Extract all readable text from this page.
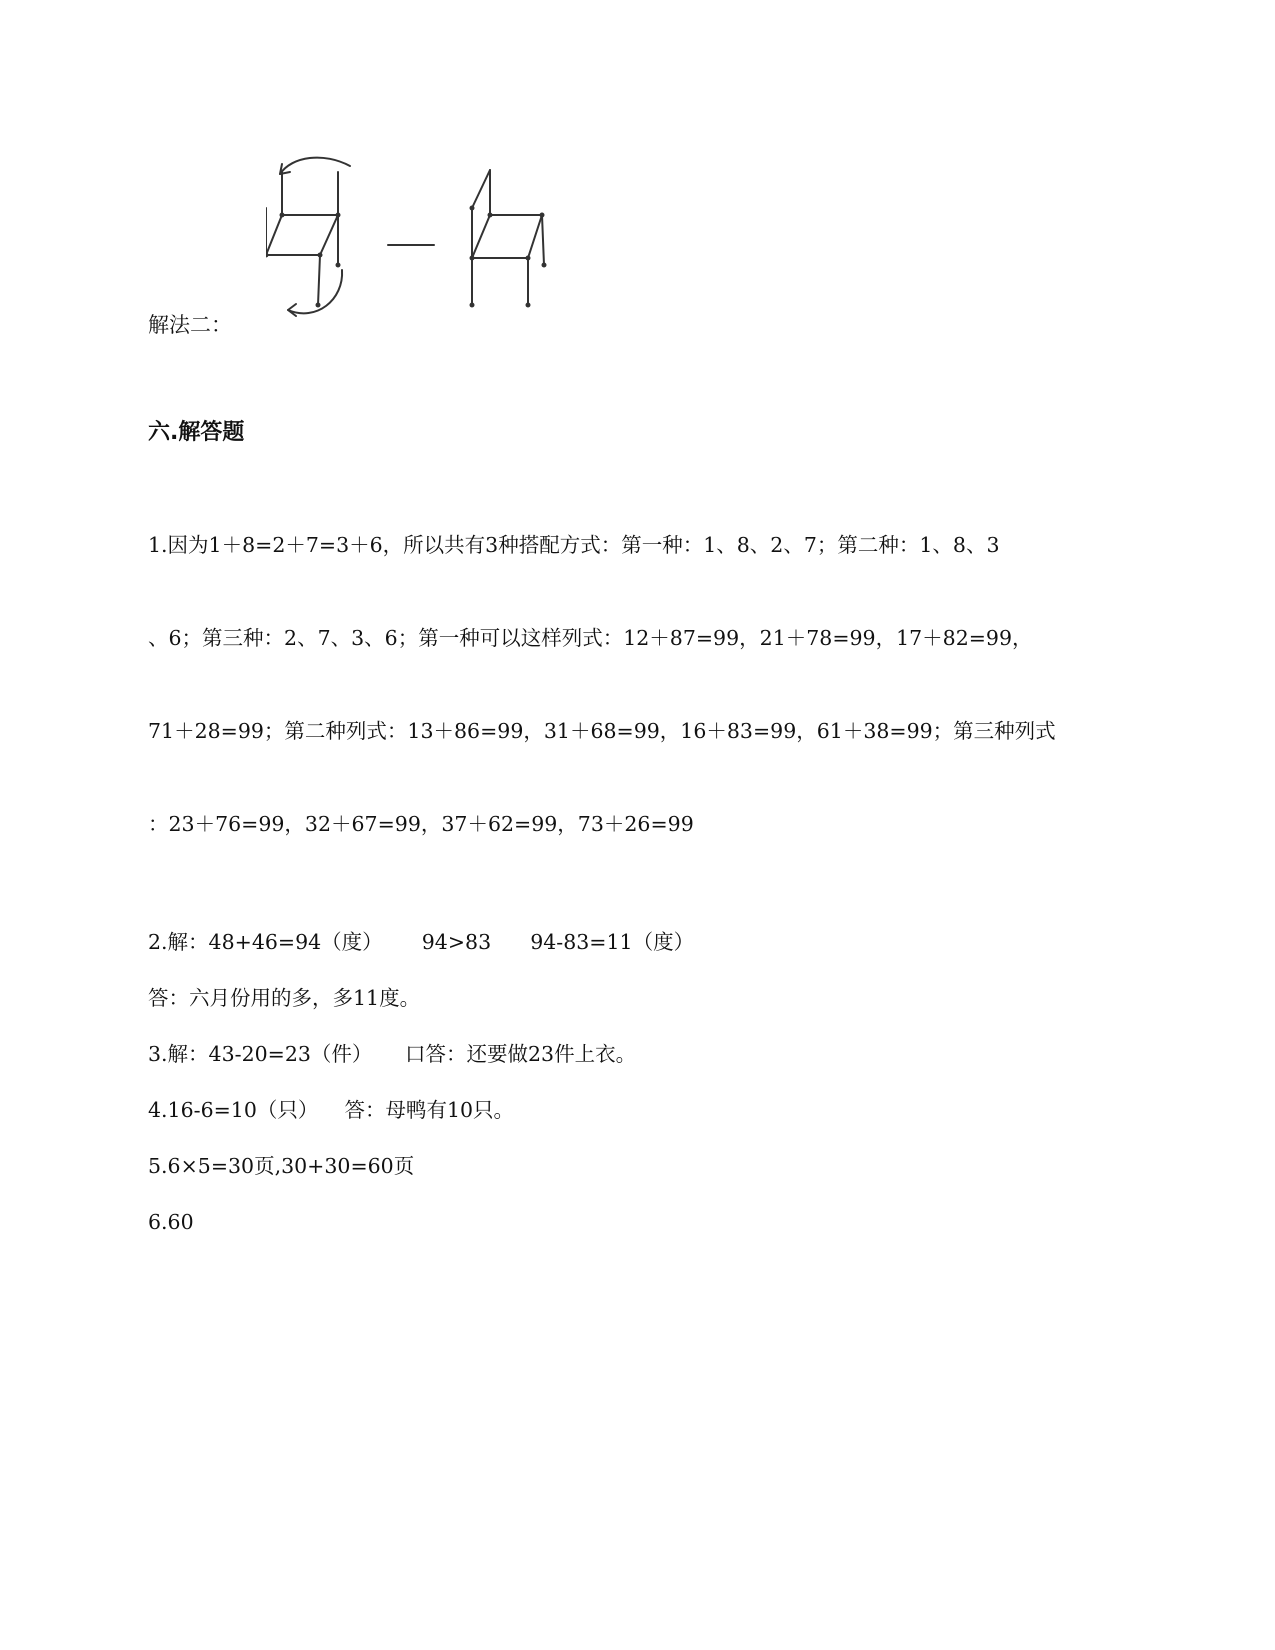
解法二：
六.解答题

1.因为1＋8=2＋7=3＋6，所以共有3种搭配方式：第一种：1、8、2、7；第二种：1、8、3

、6；第三种：2、7、3、6；第一种可以这样列式：12＋87=99，21＋78=99，17＋82=99，

71＋28=99；第二种列式：13＋86=99，31＋68=99，16＋83=99，61＋38=99；第三种列式

：23＋76=99，32＋67=99，37＋62=99，73＋26=99

2.解：48+46=94（度）      94>83      94-83=11（度）
答：六月份用的多，多11度。
3.解：43-20=23（件）     口答：还要做23件上衣。
4.16-6=10（只）    答：母鸭有10只。
5.6×5=30页,30+30=60页
6.60
